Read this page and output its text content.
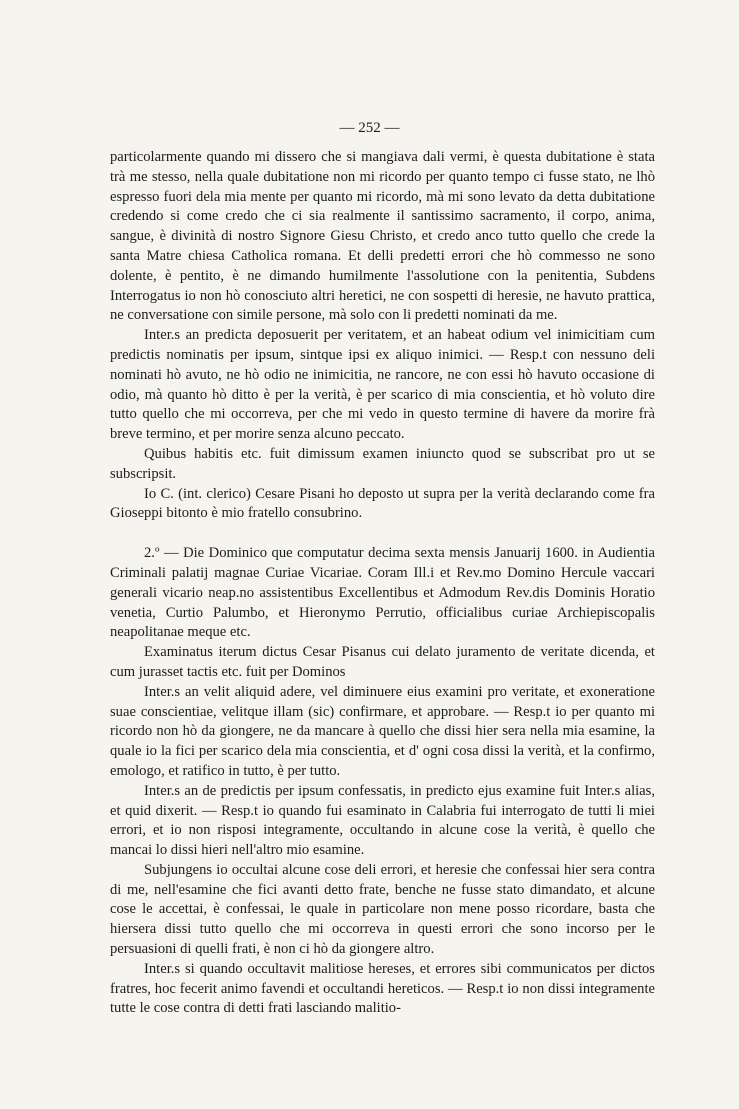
— 252 —

particolarmente quando mi dissero che si mangiava dali vermi, è questa dubitatione è stata trà me stesso, nella quale dubitatione non mi ricordo per quanto tempo ci fusse stato, ne lhò espresso fuori dela mia mente per quanto mi ricordo, mà mi sono levato da detta dubitatione credendo si come credo che ci sia realmente il santissimo sacramento, il corpo, anima, sangue, è divinità di nostro Signore Giesu Christo, et credo anco tutto quello che crede la santa Matre chiesa Catholica romana. Et delli predetti errori che hò commesso ne sono dolente, è pentito, è ne dimando humilmente l'assolutione con la penitentia, Subdens Interrogatus io non hò conosciuto altri heretici, ne con sospetti di heresie, ne havuto prattica, ne conversatione con simile persone, mà solo con li predetti nominati da me.

Inter.s an predicta deposuerit per veritatem, et an habeat odium vel inimicitiam cum predictis nominatis per ipsum, sintque ipsi ex aliquo inimici. — Resp.t con nessuno deli nominati hò avuto, ne hò odio ne inimicitia, ne rancore, ne con essi hò havuto occasione di odio, mà quanto hò ditto è per la verità, è per scarico di mia conscientia, et hò voluto dire tutto quello che mi occorreva, per che mi vedo in questo termine di havere da morire frà breve termino, et per morire senza alcuno peccato.

Quibus habitis etc. fuit dimissum examen iniuncto quod se subscribat pro ut se subscripsit.

Io C. (int. clerico) Cesare Pisani ho deposto ut supra per la verità declarando come fra Gioseppi bitonto è mio fratello consubrino.

2.º — Die Dominico que computatur decima sexta mensis Januarij 1600. in Audientia Criminali palatij magnae Curiae Vicariae. Coram Ill.i et Rev.mo Domino Hercule vaccari generali vicario neap.no assistentibus Excellentibus et Admodum Rev.dis Dominis Horatio venetia, Curtio Palumbo, et Hieronymo Perrutio, officialibus curiae Archiepiscopalis neapolitanae meque etc.

Examinatus iterum dictus Cesar Pisanus cui delato juramento de veritate dicenda, et cum jurasset tactis etc. fuit per Dominos

Inter.s an velit aliquid adere, vel diminuere eius examini pro veritate, et exoneratione suae conscientiae, velitque illam (sic) confirmare, et approbare. — Resp.t io per quanto mi ricordo non hò da giongere, ne da mancare à quello che dissi hier sera nella mia esamine, la quale io la fici per scarico dela mia conscientia, et d' ogni cosa dissi la verità, et la confirmo, emologo, et ratifico in tutto, è per tutto.

Inter.s an de predictis per ipsum confessatis, in predicto ejus examine fuit Inter.s alias, et quid dixerit. — Resp.t io quando fui esaminato in Calabria fui interrogato de tutti li miei errori, et io non risposi integramente, occultando in alcune cose la verità, è quello che mancai lo dissi hieri nell'altro mio esamine.

Subjungens io occultai alcune cose deli errori, et heresie che confessai hier sera contra di me, nell'esamine che fici avanti detto frate, benche ne fusse stato dimandato, et alcune cose le accettai, è confessai, le quale in particolare non mene posso ricordare, basta che hiersera dissi tutto quello che mi occorreva in questi errori che sono incorso per le persuasioni di quelli frati, è non ci hò da giongere altro.

Inter.s si quando occultavit malitiose hereses, et errores sibi communicatos per dictos fratres, hoc fecerit animo favendi et occultandi hereticos. — Resp.t io non dissi integramente tutte le cose contra di detti frati lasciando malitio-
